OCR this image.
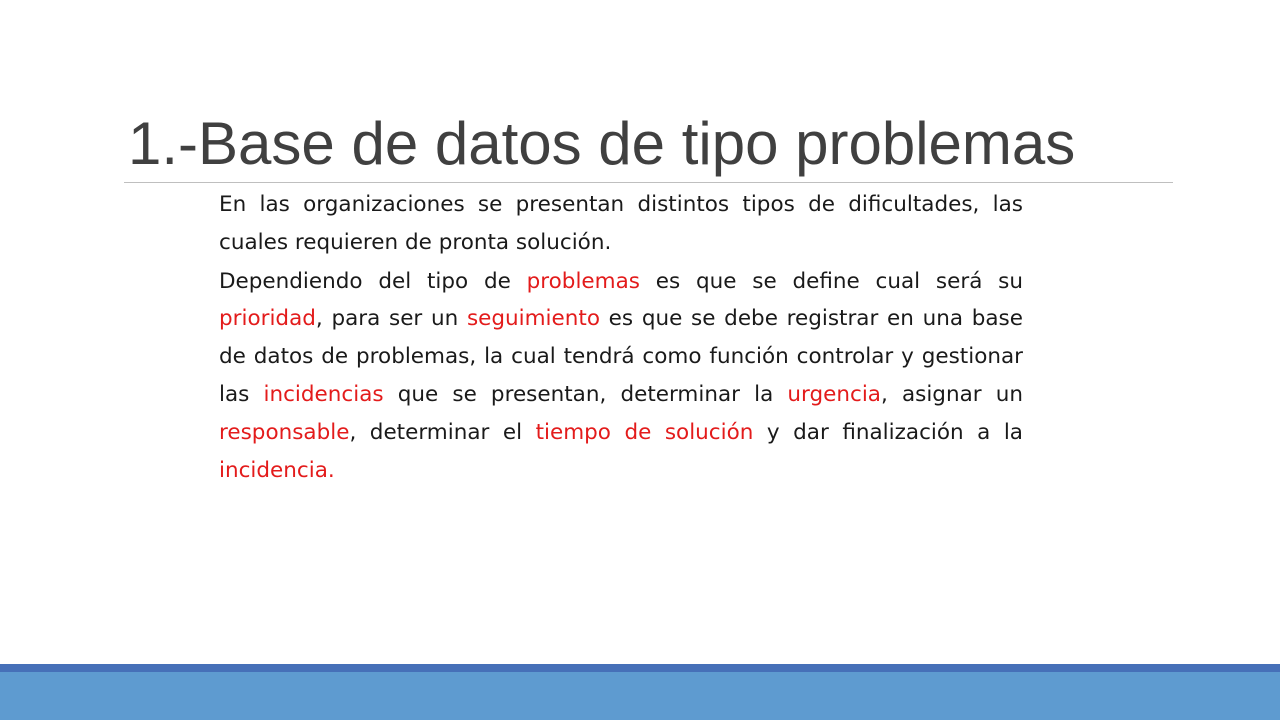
1.-Base de datos de tipo problemas

En las organizaciones se presentan distintos tipos de dificultades, las cuales requieren de pronta solución.

Dependiendo del tipo de problemas es que se define cual será su prioridad, para ser un seguimiento es que se debe registrar en una base de datos de problemas, la cual tendrá como función controlar y gestionar las incidencias que se presentan, determinar la urgencia, asignar un responsable, determinar el tiempo de solución y dar finalización a la incidencia.
